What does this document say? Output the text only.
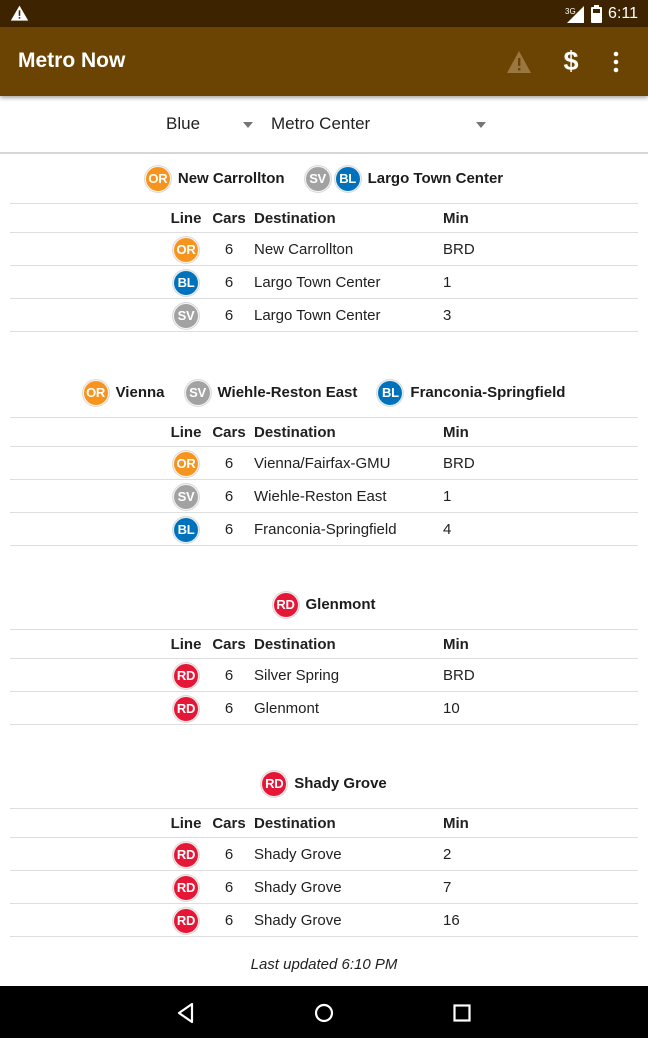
3G 6:11
Metro Now	$
Blue	Metro Center
OR New Carrollton	SV	BL Largo Town Center
Line Cars Destination	Min
OR	6	New Carrollton	BRD
BL	6	Largo Town Center	1
SV	6	Largo Town Center	3
OR Vienna	SV Wiehle-Reston East	BL Franconia-Springfield
Line Cars Destination	Min
OR	6	Vienna/Fairfax-GMU	BRD
SV	6	Wiehle-Reston East	1
BL	6	Franconia-Springfield	4
RD Glenmont
Line Cars Destination	Min
RD	6	Silver Spring	BRD
RD	6	Glenmont	10
RD Shady Grove
Line Cars Destination	Min
RD	6	Shady Grove	2
RD	6	Shady Grove	7
RD	6	Shady Grove	16
Last updated 6:10 PM
